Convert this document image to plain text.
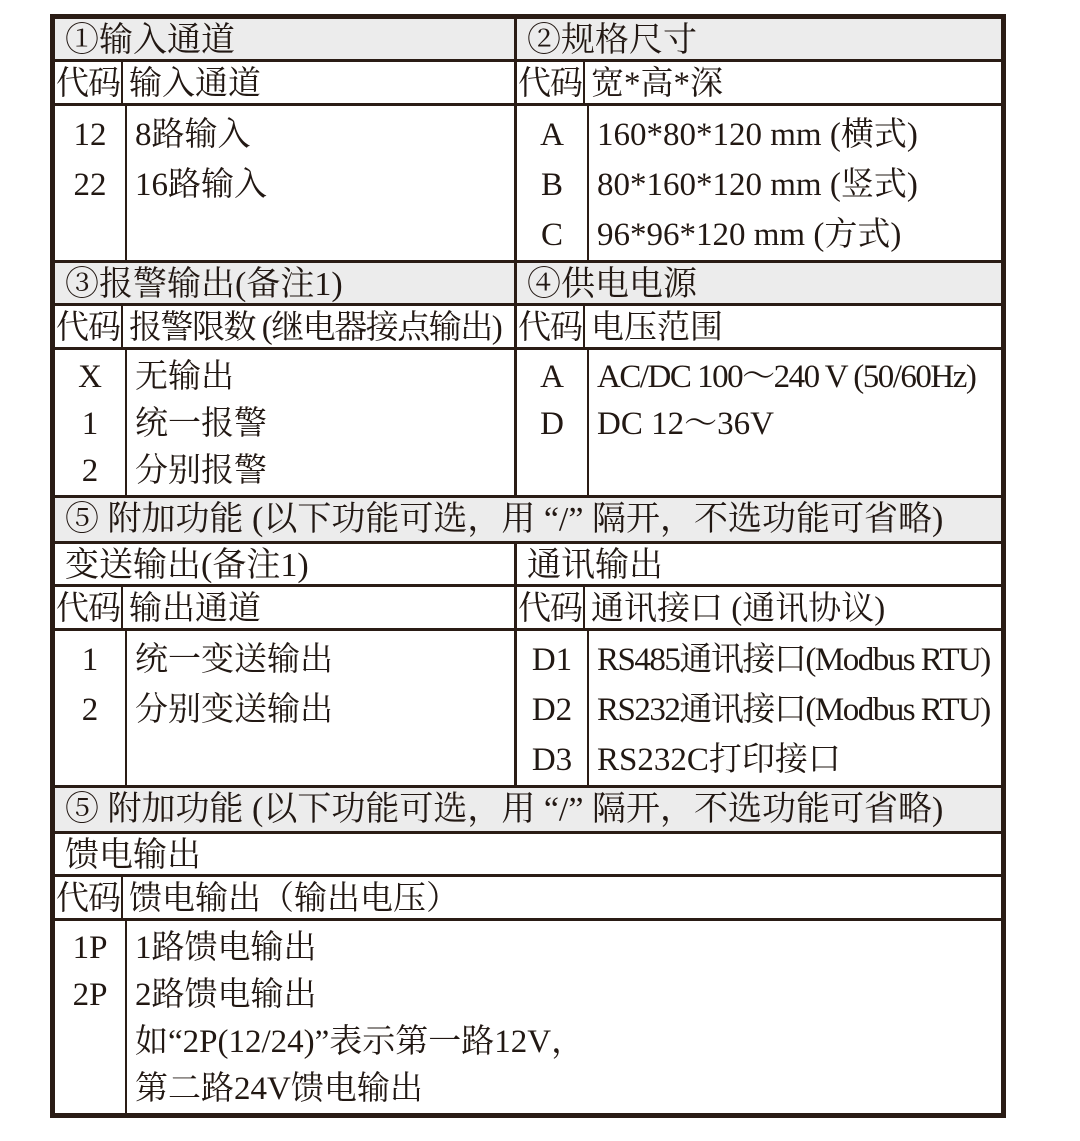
①输入通道
代码 输入通道
12
22
8路输入
16路输入
②规格尺寸
代码 宽*高*深
A
B
C
160*80*120 mm (横式)
80*160*120 mm (竖式)
96*96*120 mm (方式)
③报警输出(备注1)
代码 报警限数 (继电器接点输出)
X
1
2
无输出
统一报警
分别报警
④供电电源
代码 电压范围
A
D
AC/DC 100～240 V (50/60Hz)
DC 12～36V
⑤ 附加功能 (以下功能可选，用 “/” 隔开，不选功能可省略)
变送输出(备注1)
代码 输出通道
1
2
统一变送输出
分别变送输出
通讯输出
代码 通讯接口 (通讯协议)
D1
D2
D3
RS485通讯接口(Modbus RTU)
RS232通讯接口(Modbus RTU)
RS232C打印接口
⑤ 附加功能 (以下功能可选，用 “/” 隔开，不选功能可省略)
馈电输出
代码 馈电输出（输出电压）
1P
2P
1路馈电输出
2路馈电输出
如“2P(12/24)”表示第一路12V，
第二路24V馈电输出
